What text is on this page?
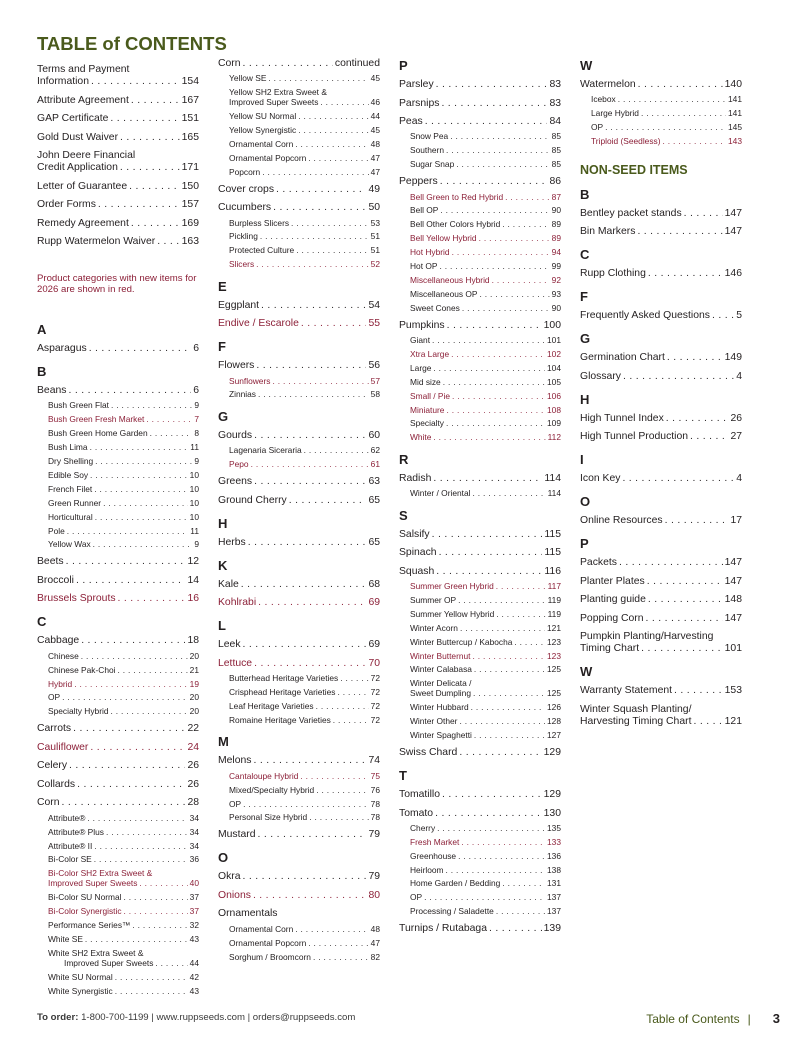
TABLE of CONTENTS
Terms and Payment
Information . . .	154
Attribute Agreement . . .	167
GAP Certificate . . .	151
Gold Dust Waiver . . .	165
John Deere Financial
Credit Application . . .	171
Letter of Guarantee . . .	150
Order Forms . . .	157
Remedy Agreement . . .	169
Rupp Watermelon Waiver . . .	163
Product categories with new items for 2026 are shown in red.
A
Asparagus . . .	6
B
Beans . . .	6
Bush Green Flat . . .	9
Bush Green Fresh Market . . .	7
Bush Green Home Garden . . .	8
Bush Lima . . .	11
Dry Shelling . . .	9
Edible Soy . . .	10
French Filet . . .	10
Green Runner . . .	10
Horticultural . . .	10
Pole . . .	11
Yellow Wax . . .	9
Beets . . .	12
Broccoli . . .	14
Brussels Sprouts . . .	16
C
Cabbage . . .	18
Chinese . . .	20
Chinese Pak-Choi . . .	21
Hybrid . . .	19
OP . . .	20
Specialty Hybrid . . .	20
Carrots . . .	22
Cauliflower . . .	24
Celery . . .	26
Collards . . .	26
Corn . . .	28
Attribute® . . .	34
Attribute® Plus . . .	34
Attribute® II . . .	34
Bi-Color SE . . .	36
Bi-Color SH2 Extra Sweet &
Improved Super Sweets . . .	40
Bi-Color SU Normal . . .	37
Bi-Color Synergistic . . .	37
Performance Series™ . . .	32
White SE . . .	43
White SH2 Extra Sweet &
Improved Super Sweets . . .	44
White SU Normal . . .	42
White Synergistic . . .	43
Corn . . .	continued
Yellow SE . . .	45
Yellow SH2 Extra Sweet &
Improved Super Sweets . . .	46
Yellow SU Normal . . .	44
Yellow Synergistic . . .	45
Ornamental Corn . . .	48
Ornamental Popcorn . . .	47
Popcorn . . .	47
Cover crops . . .	49
Cucumbers . . .	50
Burpless Slicers . . .	53
Pickling . . .	51
Protected Culture . . .	51
Slicers . . .	52
E
Eggplant . . .	54
Endive / Escarole . . .	55
F
Flowers . . .	56
Sunflowers . . .	57
Zinnias . . .	58
G
Gourds . . .	60
Lagenaria Siceraria . . .	62
Pepo . . .	61
Greens . . .	63
Ground Cherry . . .	65
H
Herbs . . .	65
K
Kale . . .	68
Kohlrabi . . .	69
L
Leek . . .	69
Lettuce . . .	70
Butterhead Heritage Varieties . . .	72
Crisphead Heritage Varieties . . .	72
Leaf Heritage Varieties . . .	72
Romaine Heritage Varieties . . .	72
M
Melons . . .	74
Cantaloupe Hybrid . . .	75
Mixed/Specialty Hybrid . . .	76
OP . . .	78
Personal Size Hybrid . . .	78
Mustard . . .	79
O
Okra . . .	79
Onions . . .	80
Ornamentals
Ornamental Corn . . .	48
Ornamental Popcorn . . .	47
Sorghum / Broomcorn . . .	82
P
Parsley . . .	83
Parsnips . . .	83
Peas . . .	84
Snow Pea . . .	85
Southern . . .	85
Sugar Snap . . .	85
Peppers . . .	86
Bell Green to Red Hybrid . . .	87
Bell OP . . .	90
Bell Other Colors Hybrid . . .	89
Bell Yellow Hybrid . . .	89
Hot Hybrid . . .	94
Hot OP . . .	99
Miscellaneous Hybrid . . .	92
Miscellaneous OP . . .	93
Sweet Cones . . .	90
Pumpkins . . .	100
Giant . . .	101
Xtra Large . . .	102
Large . . .	104
Mid size . . .	105
Small / Pie . . .	106
Miniature . . .	108
Specialty . . .	109
White . . .	112
R
Radish . . .	114
Winter / Oriental . . .	114
S
Salsify . . .	115
Spinach . . .	115
Squash . . .	116
Summer Green Hybrid . . .	117
Summer OP . . .	119
Summer Yellow Hybrid . . .	119
Winter Acorn . . .	121
Winter Buttercup / Kabocha . . .	123
Winter Butternut . . .	123
Winter Calabasa . . .	125
Winter Delicata /
Sweet Dumpling . . .	125
Winter Hubbard . . .	126
Winter Other . . .	128
Winter Spaghetti . . .	127
Swiss Chard . . .	129
T
Tomatillo . . .	129
Tomato . . .	130
Cherry . . .	135
Fresh Market . . .	133
Greenhouse . . .	136
Heirloom . . .	138
Home Garden / Bedding . . .	131
OP . . .	137
Processing / Saladette . . .	137
Turnips / Rutabaga . . .	139
W
Watermelon . . .	140
Icebox . . .	141
Large Hybrid . . .	141
OP . . .	145
Triploid (Seedless) . . .	143
NON-SEED ITEMS
B
Bentley packet stands . . .	147
Bin Markers . . .	147
C
Rupp Clothing . . .	146
F
Frequently Asked Questions . . .	5
G
Germination Chart . . .	149
Glossary . . .	4
H
High Tunnel Index . . .	26
High Tunnel Production . . .	27
I
Icon Key . . .	4
O
Online Resources . . .	17
P
Packets . . .	147
Planter Plates . . .	147
Planting guide . . .	148
Popping Corn . . .	147
Pumpkin Planting/Harvesting
Timing Chart . . .	101
W
Warranty Statement . . .	153
Winter Squash Planting/
Harvesting Timing Chart . . .	121
To order: 1-800-700-1199 | www.ruppseeds.com | orders@ruppseeds.com	Table of Contents | 3
